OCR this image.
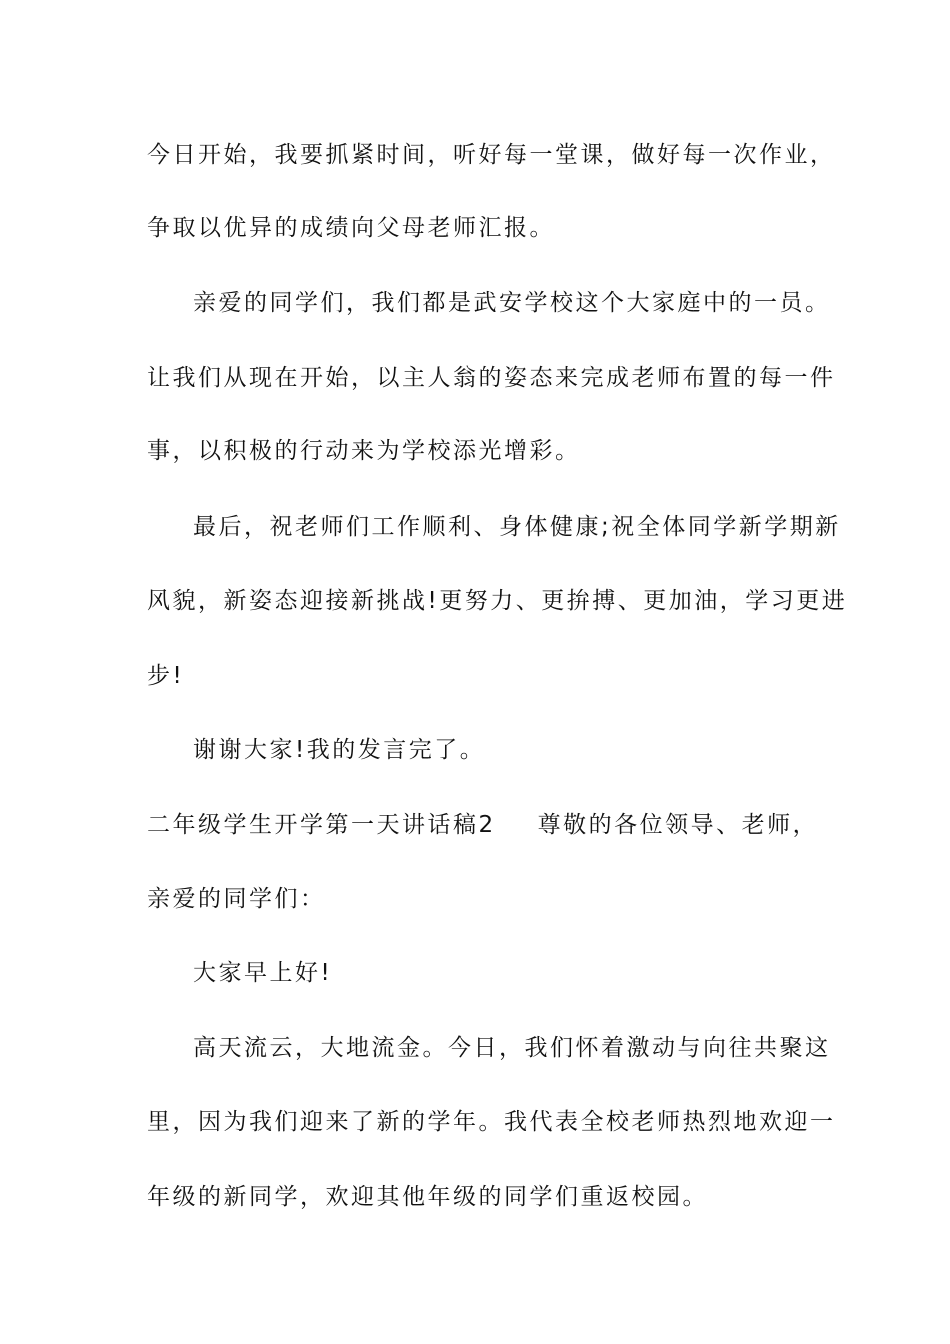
今日开始，我要抓紧时间，听好每一堂课，做好每一次作业，
争取以优异的成绩向父母老师汇报。
亲爱的同学们，我们都是武安学校这个大家庭中的一员。
让我们从现在开始，以主人翁的姿态来完成老师布置的每一件
事，以积极的行动来为学校添光增彩。
最后，祝老师们工作顺利、身体健康;祝全体同学新学期新
风貌，新姿态迎接新挑战!更努力、更拚搏、更加油，学习更进
步!
谢谢大家!我的发言完了。
二年级学生开学第一天讲话稿2 尊敬的各位领导、老师，
亲爱的同学们：
大家早上好!
高天流云，大地流金。今日，我们怀着激动与向往共聚这
里，因为我们迎来了新的学年。我代表全校老师热烈地欢迎一
年级的新同学，欢迎其他年级的同学们重返校园。
